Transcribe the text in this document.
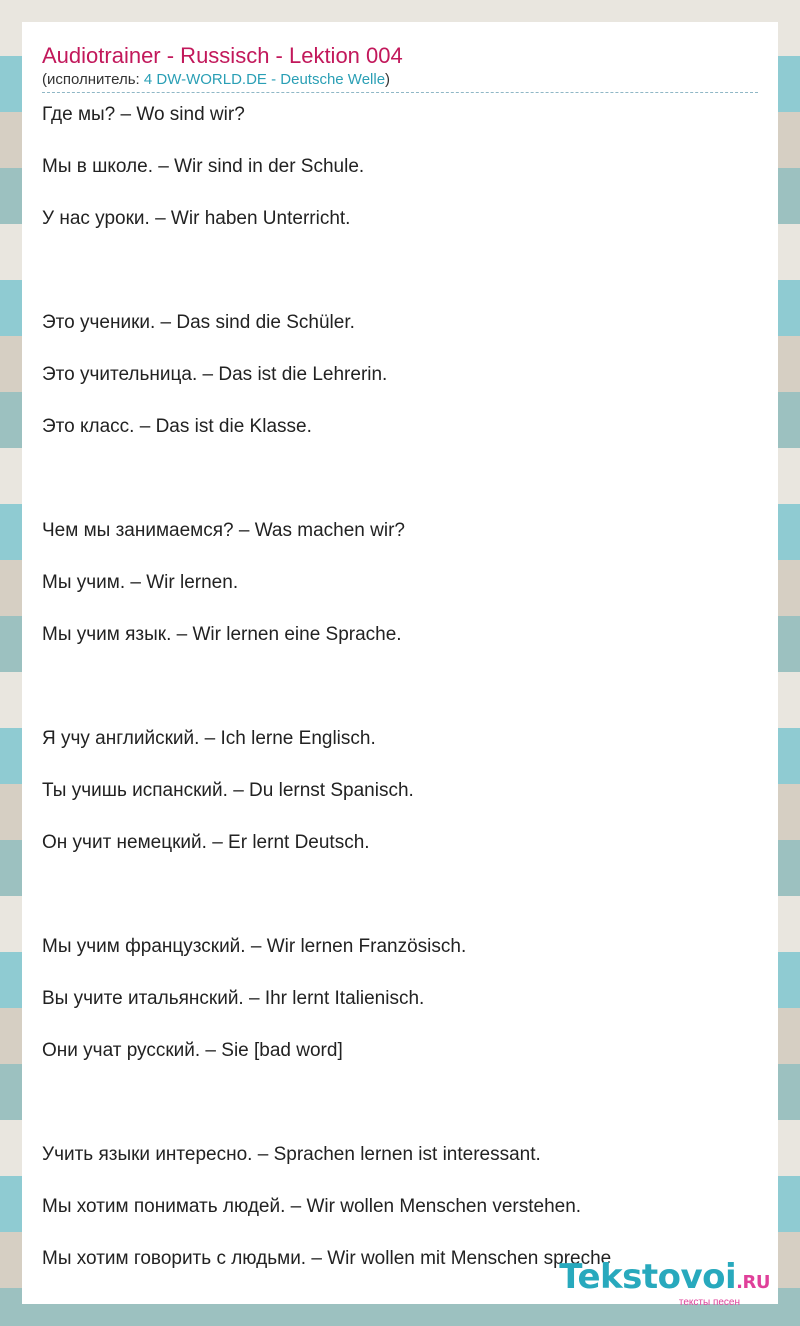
Audiotrainer - Russisch - Lektion 004
(исполнитель: 4 DW-WORLD.DE - Deutsche Welle)
Где мы? – Wo sind wir?
Мы в школе. – Wir sind in der Schule.
У нас уроки. – Wir haben Unterricht.
Это ученики. – Das sind die Schüler.
Это учительница. – Das ist die Lehrerin.
Это класс. – Das ist die Klasse.
Чем мы занимаемся? – Was machen wir?
Мы учим. – Wir lernen.
Мы учим язык. – Wir lernen eine Sprache.
Я учу английский. – Ich lerne Englisch.
Ты учишь испанский. – Du lernst Spanisch.
Он учит немецкий. – Er lernt Deutsch.
Мы учим французский. – Wir lernen Französisch.
Вы учите итальянский. – Ihr lernt Italienisch.
Они учат русский. – Sie [bad word]
Учить языки интересно. – Sprachen lernen ist interessant.
Мы хотим понимать людей. – Wir wollen Menschen verstehen.
Мы хотим говорить с людьми. – Wir wollen mit Menschen spreche
Tekstovoi.RU
тексты песен
